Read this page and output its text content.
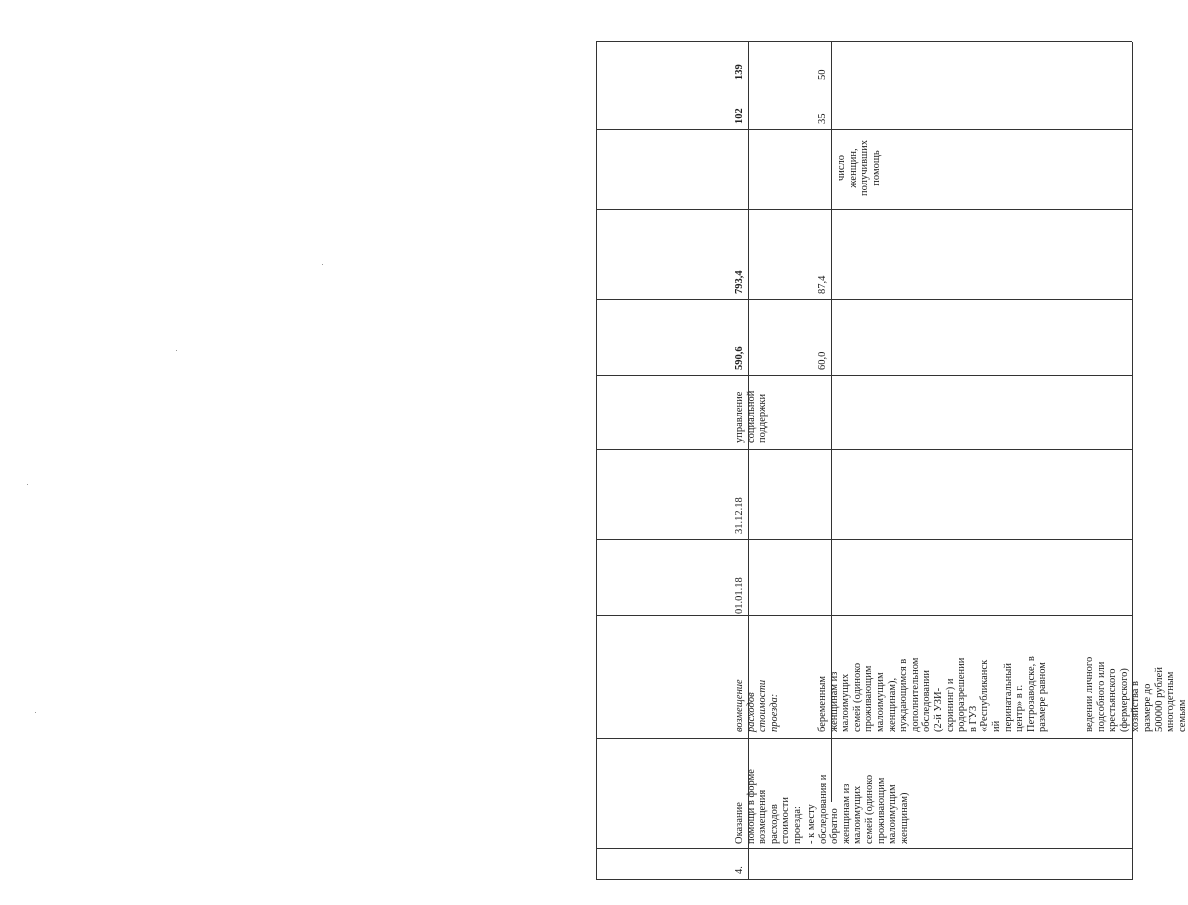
ведении личного
подсобного или
крестьянского
(фермерского)
хозяйства в
размере до
500000 рублей
многодетным
семьям
4.
Оказание
помощи в форме
возмещения
расходов
стоимости
проезда: - к месту
обследования и
обратно
женщинам из
малоимущих
семей (одиноко
проживающим
малоимущим
женщинам)
возмещение
расходов
стоимости
проезда:	беременным
женщинам из
малоимущих
семей (одиноко
проживающим
малоимущим
женщинам),
нуждающимся в
дополнительном
обследовании
(2-й УЗИ-
скрининг) и
родоразрешении
в ГУЗ
«Республиканск
ий
перинатальный
центр» в г.
Петрозаводске, в
размере равном
01.01.18
31.12.18
управление
социальной
поддержки
590,6
793,4
60,0
87,4
число
женщин,
получивших
помощь
102
139
35
50
